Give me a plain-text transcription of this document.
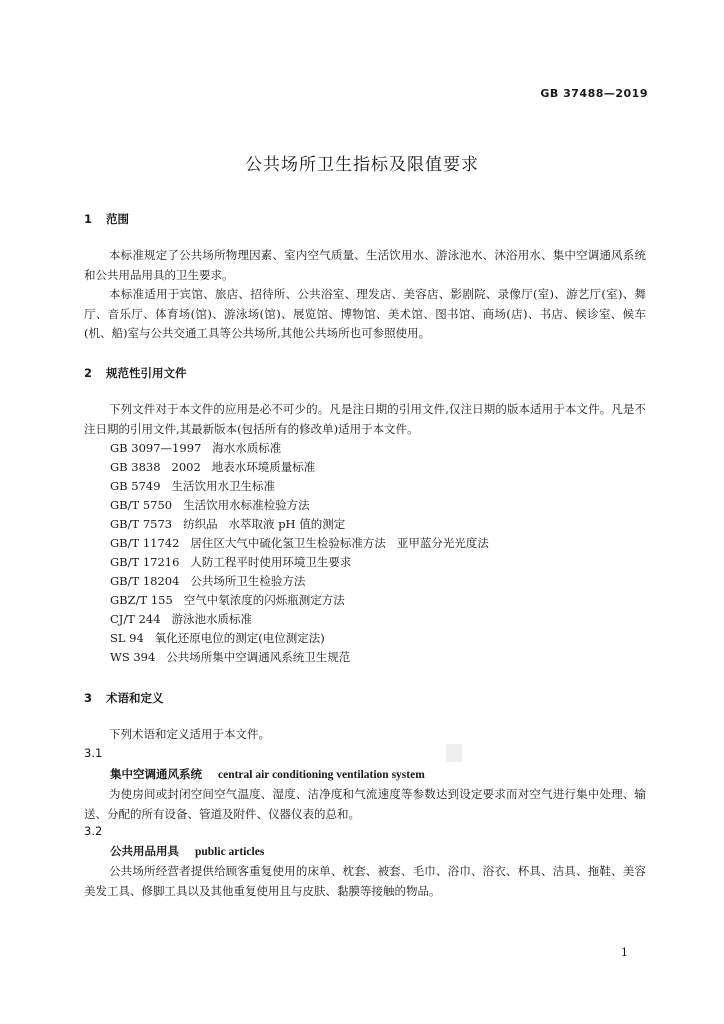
GB 37488—2019
公共场所卫生指标及限值要求
1 范围
本标准规定了公共场所物理因素、室内空气质量、生活饮用水、游泳池水、沐浴用水、集中空调通风系统和公共用品用具的卫生要求。
本标准适用于宾馆、旅店、招待所、公共浴室、理发店、美容店、影剧院、录像厅(室)、游艺厅(室)、舞厅、音乐厅、体育场(馆)、游泳场(馆)、展览馆、博物馆、美术馆、图书馆、商场(店)、书店、候诊室、候车(机、船)室与公共交通工具等公共场所,其他公共场所也可参照使用。
2 规范性引用文件
下列文件对于本文件的应用是必不可少的。凡是注日期的引用文件,仅注日期的版本适用于本文件。凡是不注日期的引用文件,其最新版本(包括所有的修改单)适用于本文件。
GB 3097—1997   海水水质标准
GB 3838   2002   地表水环境质量标准
GB 5749   生活饮用水卫生标准
GB/T 5750   生活饮用水标准检验方法
GB/T 7573   纺织品   水萃取液 pH 值的测定
GB/T 11742   居住区大气中硫化氢卫生检验标准方法   亚甲蓝分光光度法
GB/T 17216   人防工程平时使用环境卫生要求
GB/T 18204   公共场所卫生检验方法
GBZ/T 155   空气中氡浓度的闪烁瓶测定方法
CJ/T 244   游泳池水质标准
SL 94   氧化还原电位的测定(电位测定法)
WS 394   公共场所集中空调通风系统卫生规范
3 术语和定义
下列术语和定义适用于本文件。
3.1
集中空调通风系统 central air conditioning ventilation system
为使房间或封闭空间空气温度、湿度、洁净度和气流速度等参数达到设定要求而对空气进行集中处理、输送、分配的所有设备、管道及附件、仪器仪表的总和。
3.2
公共用品用具 public articles
公共场所经营者提供给顾客重复使用的床单、枕套、被套、毛巾、浴巾、浴衣、杯具、洁具、拖鞋、美容美发工具、修脚工具以及其他重复使用且与皮肤、黏膜等接触的物品。
1
